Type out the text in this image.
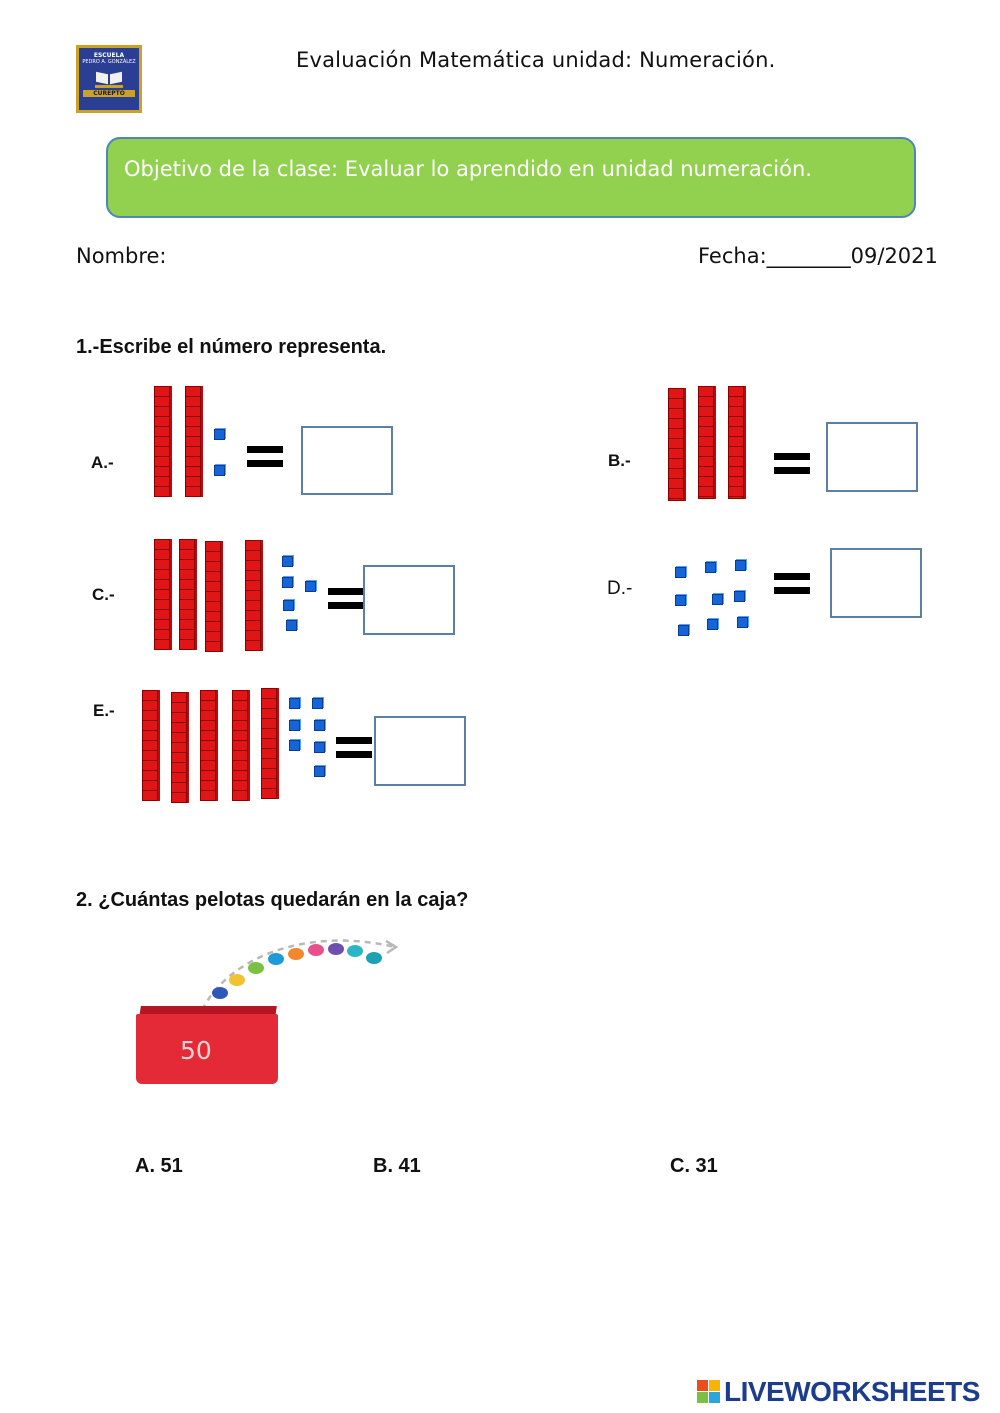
ESCUELA
PEDRO A. GONZÁLEZ
CUREPTO
Evaluación Matemática unidad: Numeración.
Objetivo de la clase: Evaluar lo aprendido en unidad numeración.
Nombre:	Fecha:________09/2021
1.-Escribe el número representa.
A.-	B.-
C.-	D.-
E.-
2. ¿Cuántas pelotas quedarán en la caja?
50
A. 51	B. 41	C. 31
LIVEWORKSHEETS
